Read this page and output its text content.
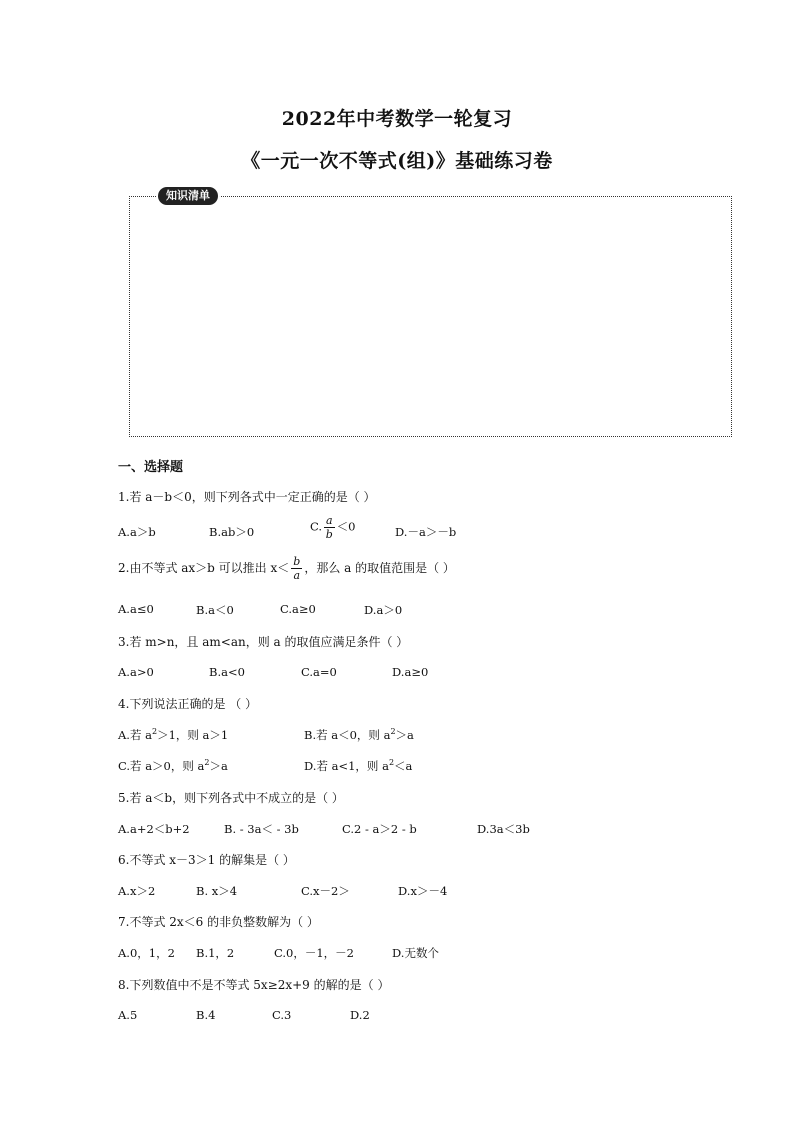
2022年中考数学一轮复习
《一元一次不等式(组)》基础练习卷
知识清单
一、选择题
1.若 a－b＜0，则下列各式中一定正确的是（ ）
A.a＞b	B.ab＞0	C. $\frac{a}{b} <0$	D.－a＞－b
2.由不等式 ax＞b 可以推出 $x< \frac{b}{a}$ ，那么 a 的取值范围是（ ）
A.a≤0	B.a＜0	C.a≥0	D.a＞0
3.若 m>n，且 am<an，则 a 的取值应满足条件（ ）
A.a>0	B.a<0	C.a=0	D.a≥0
4.下列说法正确的是 （ ）
A.若 $a^2>1$，则 a＞1	B.若 a＜0，则 $a^2>a$
C.若 a＞0，则 $a^2>a$	D.若 a<1，则 $a^2<a$
5.若 a＜b，则下列各式中不成立的是（ ）
A.a+2＜b+2	B. - 3a＜ - 3b	C.2 - a＞2 - b	D.3a＜3b
6.不等式 x－3＞1 的解集是（ ）
A.x＞2	B. x＞4	C.x－2＞	D.x＞－4
7.不等式 2x＜6 的非负整数解为（ ）
A.0，1，2 B.1，2	C.0，－1，－2	D.无数个
8.下列数值中不是不等式 5x≥2x+9 的解的是（ ）
A.5	B.4	C.3	D.2
